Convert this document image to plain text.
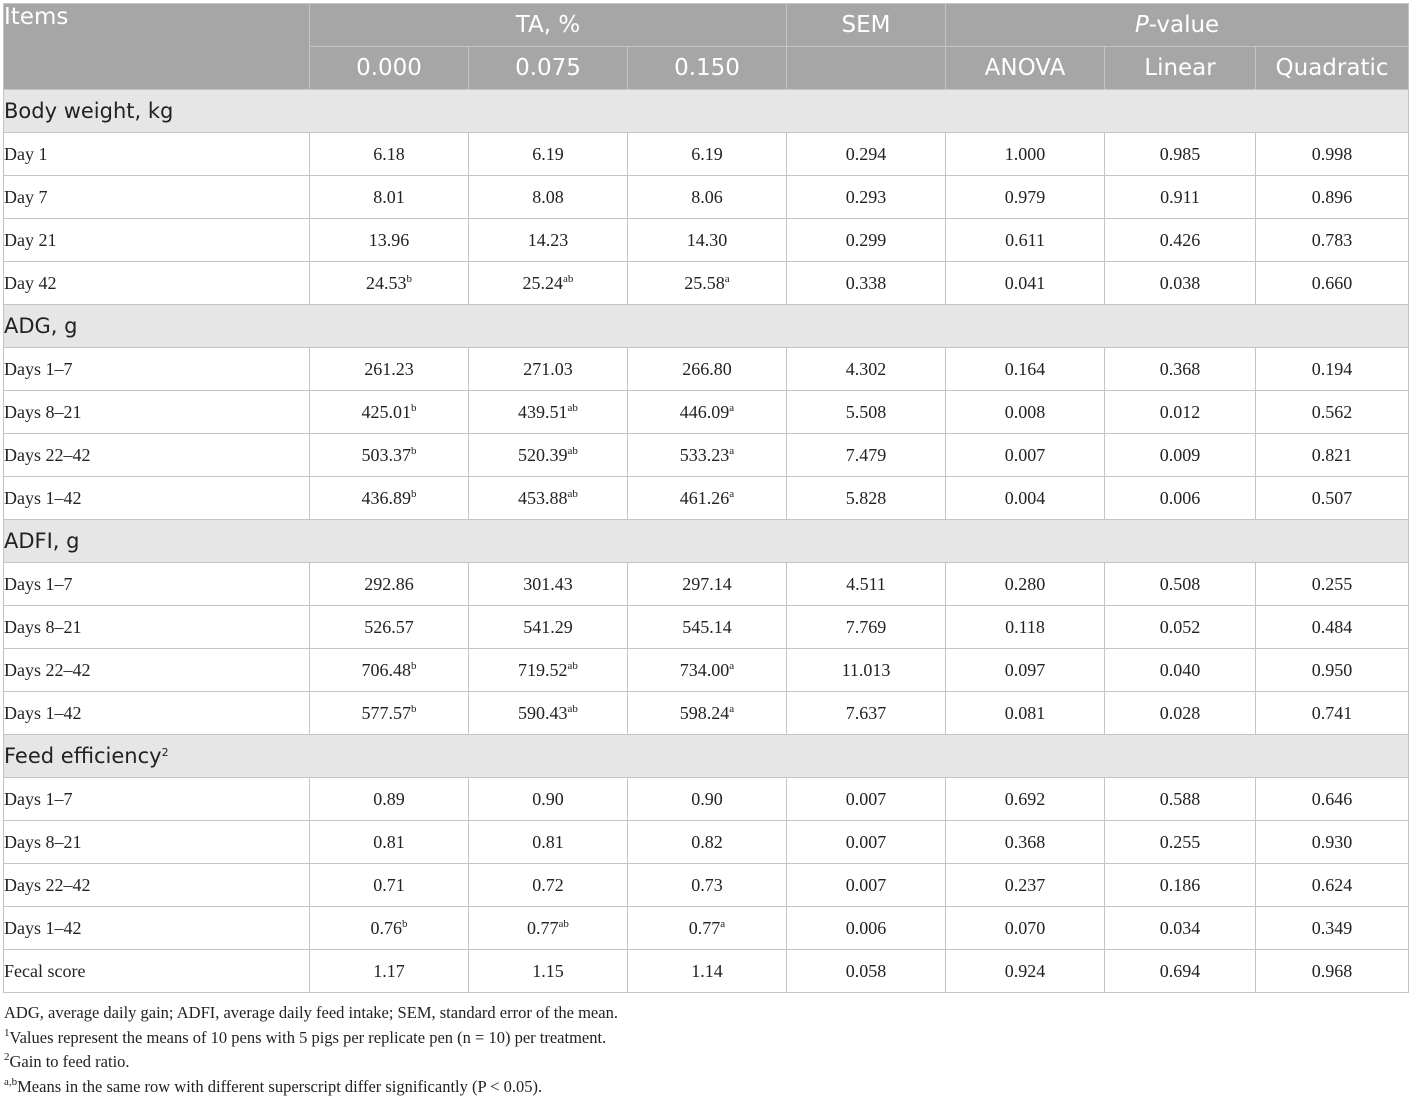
Items	TA, %			SEM	P-value		
	0.000	0.075	0.150		ANOVA	Linear	Quadratic
Body weight, kg							
Day 1	6.18	6.19	6.19	0.294	1.000	0.985	0.998
Day 7	8.01	8.08	8.06	0.293	0.979	0.911	0.896
Day 21	13.96	14.23	14.30	0.299	0.611	0.426	0.783
Day 42	24.53$^b$	25.24$^{ab}$	25.58$^a$	0.338	0.041	0.038	0.660
ADG, g							
Days 1–7	261.23	271.03	266.80	4.302	0.164	0.368	0.194
Days 8–21	425.01$^b$	439.51$^{ab}$	446.09$^a$	5.508	0.008	0.012	0.562
Days 22–42	503.37$^b$	520.39$^{ab}$	533.23$^a$	7.479	0.007	0.009	0.821
Days 1–42	436.89$^b$	453.88$^{ab}$	461.26$^a$	5.828	0.004	0.006	0.507
ADFI, g							
Days 1–7	292.86	301.43	297.14	4.511	0.280	0.508	0.255
Days 8–21	526.57	541.29	545.14	7.769	0.118	0.052	0.484
Days 22–42	706.48$^b$	719.52$^{ab}$	734.00$^a$	11.013	0.097	0.040	0.950
Days 1–42	577.57$^b$	590.43$^{ab}$	598.24$^a$	7.637	0.081	0.028	0.741
Feed efficiency$^2$
Days 1–7	0.89	0.90	0.90	0.007	0.692	0.588	0.646
Days 8–21	0.81	0.81	0.82	0.007	0.368	0.255	0.930
Days 22–42	0.71	0.72	0.73	0.007	0.237	0.186	0.624
Days 1–42	0.76$^b$	0.77$^{ab}$	0.77$^a$	0.006	0.070	0.034	0.349
Fecal score	1.17	1.15	1.14	0.058	0.924	0.694	0.968
ADG, average daily gain; ADFI, average daily feed intake; SEM, standard error of the mean.
$^1$Values represent the means of 10 pens with 5 pigs per replicate pen (n = 10) per treatment.
$^2$Gain to feed ratio.
$^{a,b}$Means in the same row with different superscript differ significantly (P < 0.05).
